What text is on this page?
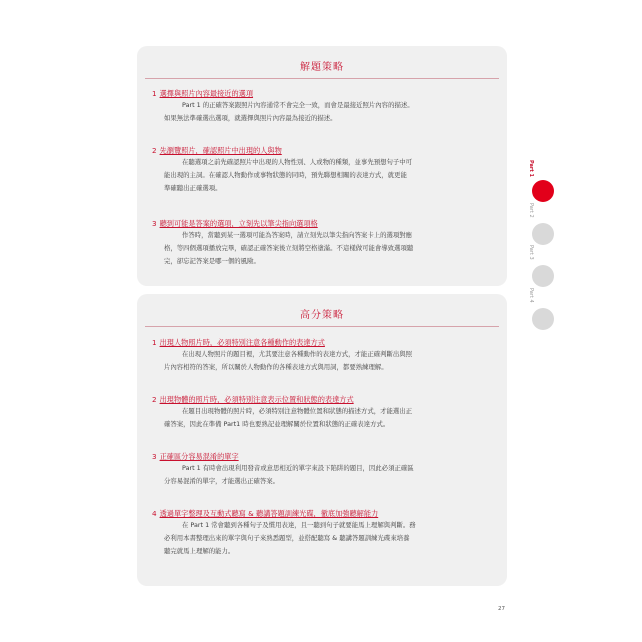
解題策略
高分策略
1 選擇與照片內容最接近的選項
Part 1 的正確答案跟照片內容通常不會完全一致，而會是最接近照片內容的描述。
如果無法準確選出選項，就選擇與照片內容最為接近的描述。
2 先瀏覽照片，確認照片中出現的人與物
在聽選項之前先確認照片中出現的人物性別、人或物的種類，並事先預想句子中可
能出現的主詞。在確認人物動作或事物狀態的同時，預先聯想相關的表達方式，就更能
準確聽出正確選項。
3 聽到可能是答案的選項，立刻先以筆尖指向選項格
作答時，當聽到某一選項可能為答案時，請立刻先以筆尖指向答案卡上的選項對應
格，等四個選項播放完畢，確認正確答案後立刻將空格塗滿。不這樣做可能會導致選項聽
完，卻忘記答案是哪一個的風險。
1 出現人物照片時，必須特別注意各種動作的表達方式
在出現人物照片的題目裡，尤其要注意各種動作的表達方式，才能正確判斷出與照
片內容相符的答案，所以關於人物動作的各種表達方式與用詞，都要熟練理解。
2 出現物體的照片時，必須特別注意表示位置和狀態的表達方式
在題目出現物體的照片時，必須特別注意物體位置和狀態的描述方式，才能選出正
確答案，因此在準備 Part1 時也要熟記並理解關於位置和狀態的正確表達方式。
3 正確區分容易混淆的單字
Part 1 有時會出現利用發音或意思相近的單字來設下陷阱的題目，因此必須正確區
分容易混淆的單字，才能選出正確答案。
4 透過單字整理及互動式聽寫 & 聽講答題訓練光碟，徹底加強聽解能力
在 Part 1 常會聽到各種句子及慣用表達，且一聽到句子就要能馬上理解與判斷。務
必利用本書整理出來的單字與句子來熟悉題型，並搭配聽寫 & 聽講答題訓練光碟來培養
聽完就馬上理解的能力。
Part 1
Part 2
Part 3
Part 4
27
